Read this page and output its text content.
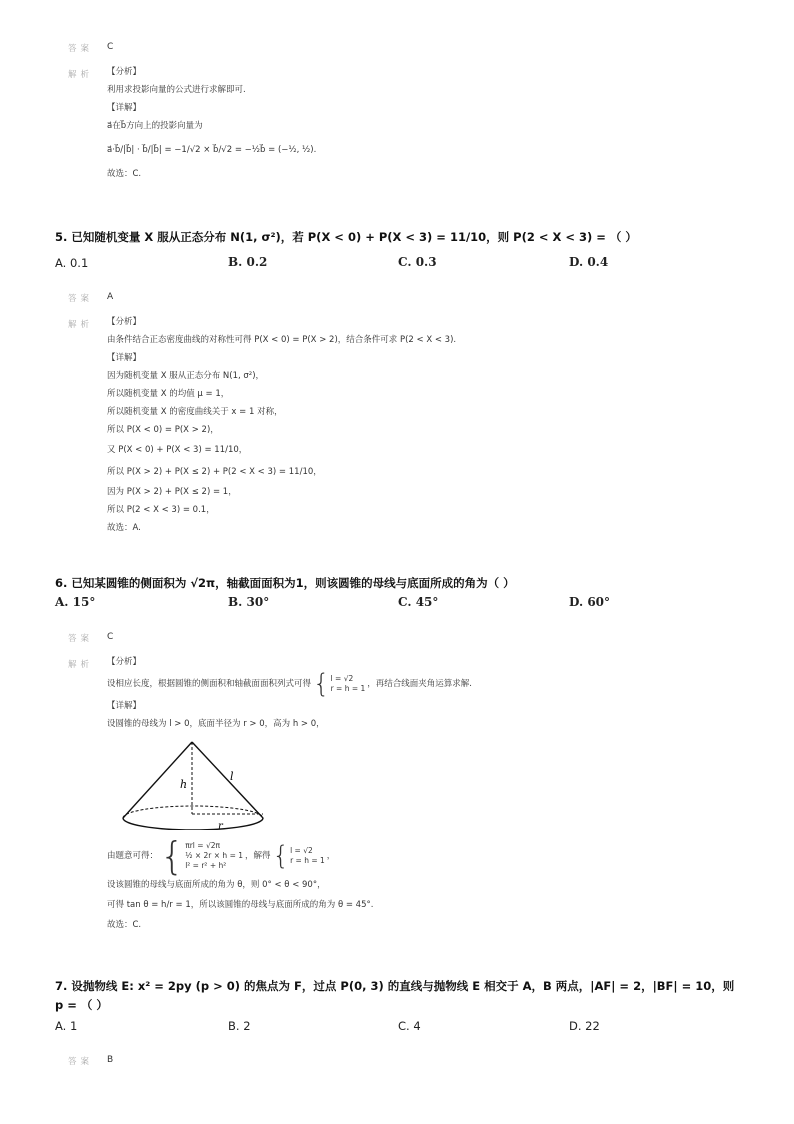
答案 C
解析 【分析】
利用求投影向量的公式进行求解即可.
【详解】
a⃗在b⃗方向上的投影向量为
a⃗·b⃗/|b⃗| · b⃗/|b⃗| = −1/√2 × b⃗/√2 = −½b⃗ = (−½, ½).
故选：C.
5. 已知随机变量 X 服从正态分布 N(1, σ²)，若 P(X < 0) + P(X < 3) = 11/10，则 P(2 < X < 3) = （ ）
A. 0.1	B. 0.2	C. 0.3	D. 0.4
答案 A
解析 【分析】
由条件结合正态密度曲线的对称性可得 P(X < 0) = P(X > 2)，结合条件可求 P(2 < X < 3).
【详解】
因为随机变量 X 服从正态分布 N(1, σ²)，
所以随机变量 X 的均值 μ = 1，
所以随机变量 X 的密度曲线关于 x = 1 对称，
所以 P(X < 0) = P(X > 2)，
又 P(X < 0) + P(X < 3) = 11/10，
所以 P(X > 2) + P(X ≤ 2) + P(2 < X < 3) = 11/10，
因为 P(X > 2) + P(X ≤ 2) = 1，
所以 P(2 < X < 3) = 0.1，
故选：A.
6. 已知某圆锥的侧面积为 √2π，轴截面面积为1，则该圆锥的母线与底面所成的角为（ ）
A. 15°	B. 30°	C. 45°	D. 60°
答案 C
解析 【分析】
设相应长度，根据圆锥的侧面积和轴截面面积列式可得 { l = √2
r = h = 1 ，再结合线面夹角运算求解.
【详解】
设圆锥的母线为 l > 0，底面半径为 r > 0，高为 h > 0，
h
l
r
由题意可得： { πrl = √2π
½ × 2r × h = 1
l² = r² + h²
，解得 { l = √2
r = h = 1 ，
设该圆锥的母线与底面所成的角为 θ，则 0° < θ < 90°，
可得 tan θ = h/r = 1，所以该圆锥的母线与底面所成的角为 θ = 45°.
故选：C.
7. 设抛物线 E: x² = 2py (p > 0) 的焦点为 F，过点 P(0, 3) 的直线与抛物线 E 相交于 A，B 两点，|AF| = 2，|BF| = 10，则
p = （ ）
A. 1	B. 2	C. 4	D. 22
答案 B
